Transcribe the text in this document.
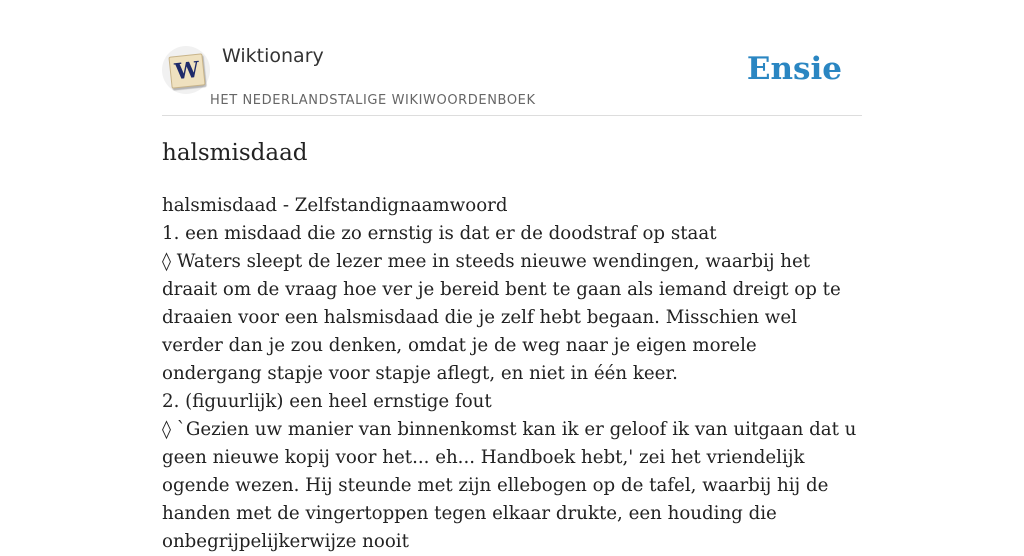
W
Wiktionary
HET NEDERLANDSTALIGE WIKIWOORDENBOEK
Ensie
halsmisdaad

halsmisdaad - Zelfstandignaamwoord

1. een misdaad die zo ernstig is dat er de doodstraf op staat

◊ Waters sleept de lezer mee in steeds nieuwe wendingen, waarbij het draait om de vraag hoe ver je bereid bent te gaan als iemand dreigt op te draaien voor een halsmisdaad die je zelf hebt begaan. Misschien wel verder dan je zou denken, omdat je de weg naar je eigen morele ondergang stapje voor stapje aflegt, en niet in één keer.

2. (figuurlijk) een heel ernstige fout

◊ `Gezien uw manier van binnenkomst kan ik er geloof ik van uitgaan dat u geen nieuwe kopij voor het... eh... Handboek hebt,' zei het vriendelijk ogende wezen. Hij steunde met zijn ellebogen op de tafel, waarbij hij de handen met de vingertoppen tegen elkaar drukte, een houding die onbegrijpelijkerwijze nooit
